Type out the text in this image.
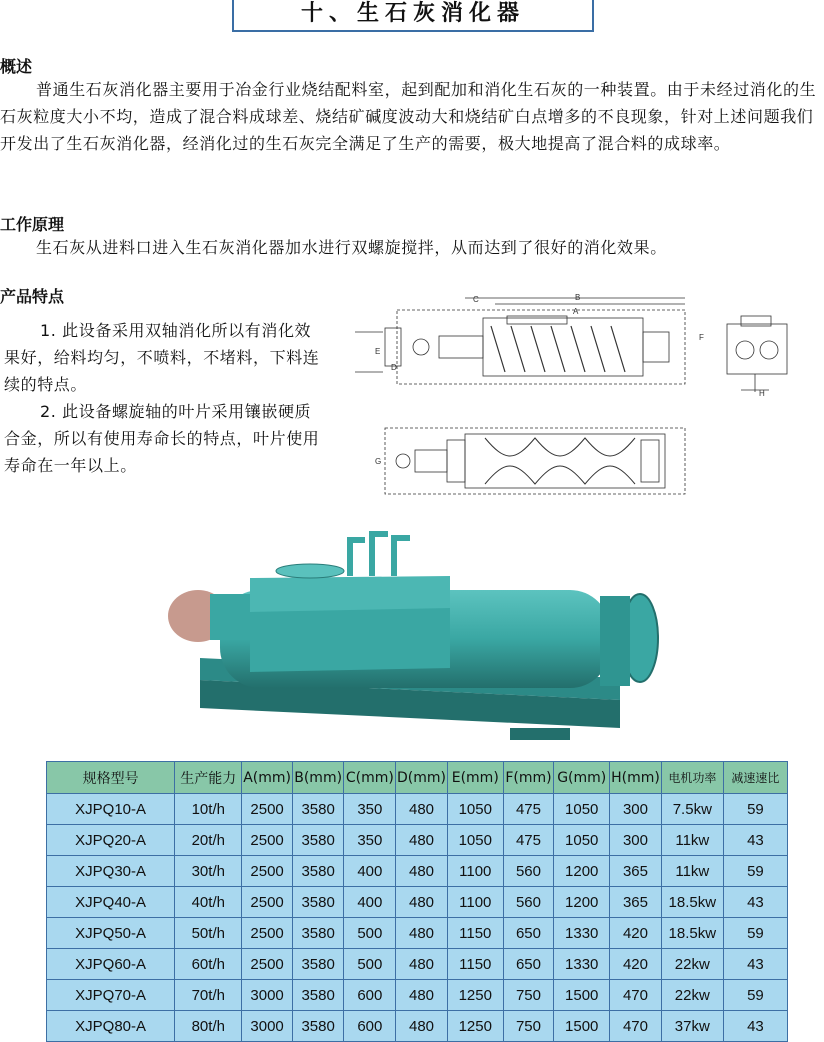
十、生石灰消化器
概述
普通生石灰消化器主要用于冶金行业烧结配料室，起到配加和消化生石灰的一种装置。由于未经过消化的生石灰粒度大小不均，造成了混合料成球差、烧结矿碱度波动大和烧结矿白点增多的不良现象，针对上述问题我们开发出了生石灰消化器，经消化过的生石灰完全满足了生产的需要，极大地提高了混合料的成球率。
工作原理
生石灰从进料口进入生石灰消化器加水进行双螺旋搅拌，从而达到了很好的消化效果。
产品特点
1. 此设备采用双轴消化所以有消化效果好，给料均匀，不喷料，不堵料，下料连续的特点。
2. 此设备螺旋轴的叶片采用镶嵌硬质合金，所以有使用寿命长的特点，叶片使用寿命在一年以上。
C	B
A
E
D
F
H
G
规格型号	生产能力	A(mm)	B(mm)	C(mm)	D(mm)	E(mm)	F(mm)	G(mm)	H(mm)	电机功率	减速速比
XJPQ10-A	10t/h	2500	3580	350	480	1050	475	1050	300	7.5kw	59
XJPQ20-A	20t/h	2500	3580	350	480	1050	475	1050	300	11kw	43
XJPQ30-A	30t/h	2500	3580	400	480	1100	560	1200	365	11kw	59
XJPQ40-A	40t/h	2500	3580	400	480	1100	560	1200	365	18.5kw	43
XJPQ50-A	50t/h	2500	3580	500	480	1150	650	1330	420	18.5kw	59
XJPQ60-A	60t/h	2500	3580	500	480	1150	650	1330	420	22kw	43
XJPQ70-A	70t/h	3000	3580	600	480	1250	750	1500	470	22kw	59
XJPQ80-A	80t/h	3000	3580	600	480	1250	750	1500	470	37kw	43
